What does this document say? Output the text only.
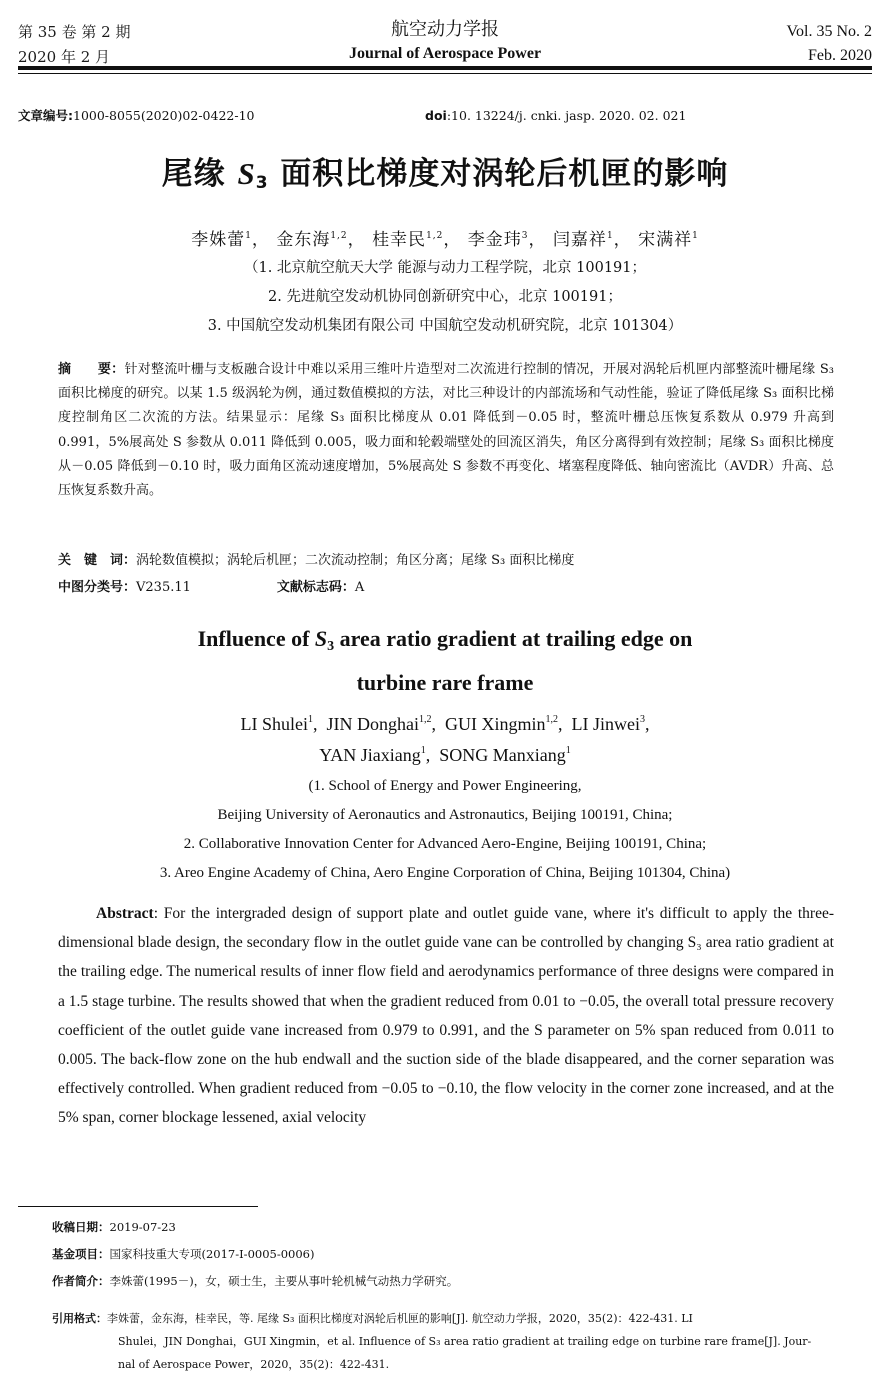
第 35 卷 第 2 期
2020 年 2 月
航空动力学报
Journal of Aerospace Power
Vol. 35 No. 2
Feb. 2020
文章编号:1000-8055(2020)02-0422-10	doi:10. 13224/j. cnki. jasp. 2020. 02. 021
尾缘 $S_3$ 面积比梯度对涡轮后机匣的影响
李姝蕾$^1$， 金东海$^{1,2}$， 桂幸民$^{1,2}$， 李金玮$^3$， 闫嘉祥$^1$， 宋满祥$^1$
（1. 北京航空航天大学 能源与动力工程学院，北京 100191；
2. 先进航空发动机协同创新研究中心，北京 100191；
3. 中国航空发动机集团有限公司 中国航空发动机研究院，北京 101304）
摘　　要：针对整流叶栅与支板融合设计中难以采用三维叶片造型对二次流进行控制的情况，开展对涡轮后机匣内部整流叶栅尾缘 S₃ 面积比梯度的研究。以某 1.5 级涡轮为例，通过数值模拟的方法，对比三种设计的内部流场和气动性能，验证了降低尾缘 S₃ 面积比梯度控制角区二次流的方法。结果显示：尾缘 S₃ 面积比梯度从 0.01 降低到－0.05 时，整流叶栅总压恢复系数从 0.979 升高到 0.991，5%展高处 S 参数从 0.011 降低到 0.005，吸力面和轮毂端壁处的回流区消失，角区分离得到有效控制；尾缘 S₃ 面积比梯度从－0.05 降低到－0.10 时，吸力面角区流动速度增加，5%展高处 S 参数不再变化、堵塞程度降低、轴向密流比（AVDR）升高、总压恢复系数升高。
关　键　词：涡轮数值模拟；涡轮后机匣；二次流动控制；角区分离；尾缘 S₃ 面积比梯度
中图分类号：V235.11	文献标志码：A
Influence of $S_3$ area ratio gradient at trailing edge on
turbine rare frame
LI Shulei$^1$,  JIN Donghai$^{1,2}$,  GUI Xingmin$^{1,2}$,  LI Jinwei$^3$,
YAN Jiaxiang$^1$,  SONG Manxiang$^1$
(1. School of Energy and Power Engineering,
Beijing University of Aeronautics and Astronautics, Beijing 100191, China;
2. Collaborative Innovation Center for Advanced Aero-Engine, Beijing 100191, China;
3. Areo Engine Academy of China, Aero Engine Corporation of China, Beijing 101304, China)
Abstract: For the intergraded design of support plate and outlet guide vane, where it's difficult to apply the three-dimensional blade design, the secondary flow in the outlet guide vane can be controlled by changing S₃ area ratio gradient at the trailing edge. The numerical results of inner flow field and aerodynamics performance of three designs were compared in a 1.5 stage turbine. The results showed that when the gradient reduced from 0.01 to −0.05, the overall total pressure recovery coefficient of the outlet guide vane increased from 0.979 to 0.991, and the S parameter on 5% span reduced from 0.011 to 0.005. The back-flow zone on the hub endwall and the suction side of the blade disappeared, and the corner separation was effectively controlled. When gradient reduced from −0.05 to −0.10, the flow velocity in the corner zone increased, and at the 5% span, corner blockage lessened, axial velocity
收稿日期：2019-07-23
基金项目：国家科技重大专项(2017-Ⅰ-0005-0006)
作者简介：李姝蕾(1995－)，女，硕士生，主要从事叶轮机械气动热力学研究。
引用格式：李姝蕾，金东海，桂幸民，等. 尾缘 S₃ 面积比梯度对涡轮后机匣的影响[J]. 航空动力学报，2020，35(2)：422-431. LI
Shulei，JIN Donghai，GUI Xingmin，et al. Influence of S₃ area ratio gradient at trailing edge on turbine rare frame[J]. Jour-
nal of Aerospace Power，2020，35(2)：422-431.
